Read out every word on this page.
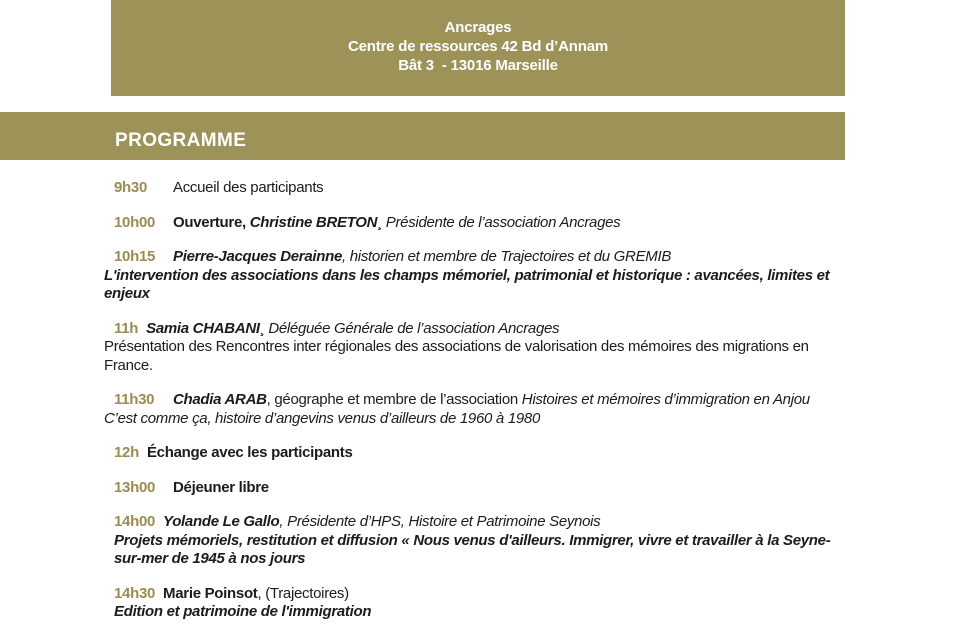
Ancrages
Centre de ressources 42 Bd d’Annam
Bât 3  - 13016 Marseille
PROGRAMME

9h30 Accueil des participants

10h00 Ouverture, Christine BRETON¸ Présidente de l’association Ancrages

10h15 Pierre-Jacques Derainne, historien et membre de Trajectoires et du GREMIB

L'intervention des associations dans les champs mémoriel, patrimonial et historique : avancées, limites et enjeux

11h Samia CHABANI¸ Déléguée Générale de l’association Ancrages

Présentation des Rencontres inter régionales des associations de valorisation des mémoires des migrations en France.

11h30 Chadia ARAB, géographe et membre de l’association Histoires et mémoires d’immigration en Anjou

C’est comme ça, histoire d’angevins venus d’ailleurs de 1960 à 1980

12h Échange avec les participants

13h00 Déjeuner libre

14h00 Yolande Le Gallo, Présidente d’HPS, Histoire et Patrimoine Seynois

Projets mémoriels, restitution et diffusion « Nous venus d'ailleurs. Immigrer, vivre et travailler à la Seyne-sur-mer de 1945 à nos jours

14h30 Marie Poinsot, (Trajectoires)

Edition et patrimoine de l'immigration
